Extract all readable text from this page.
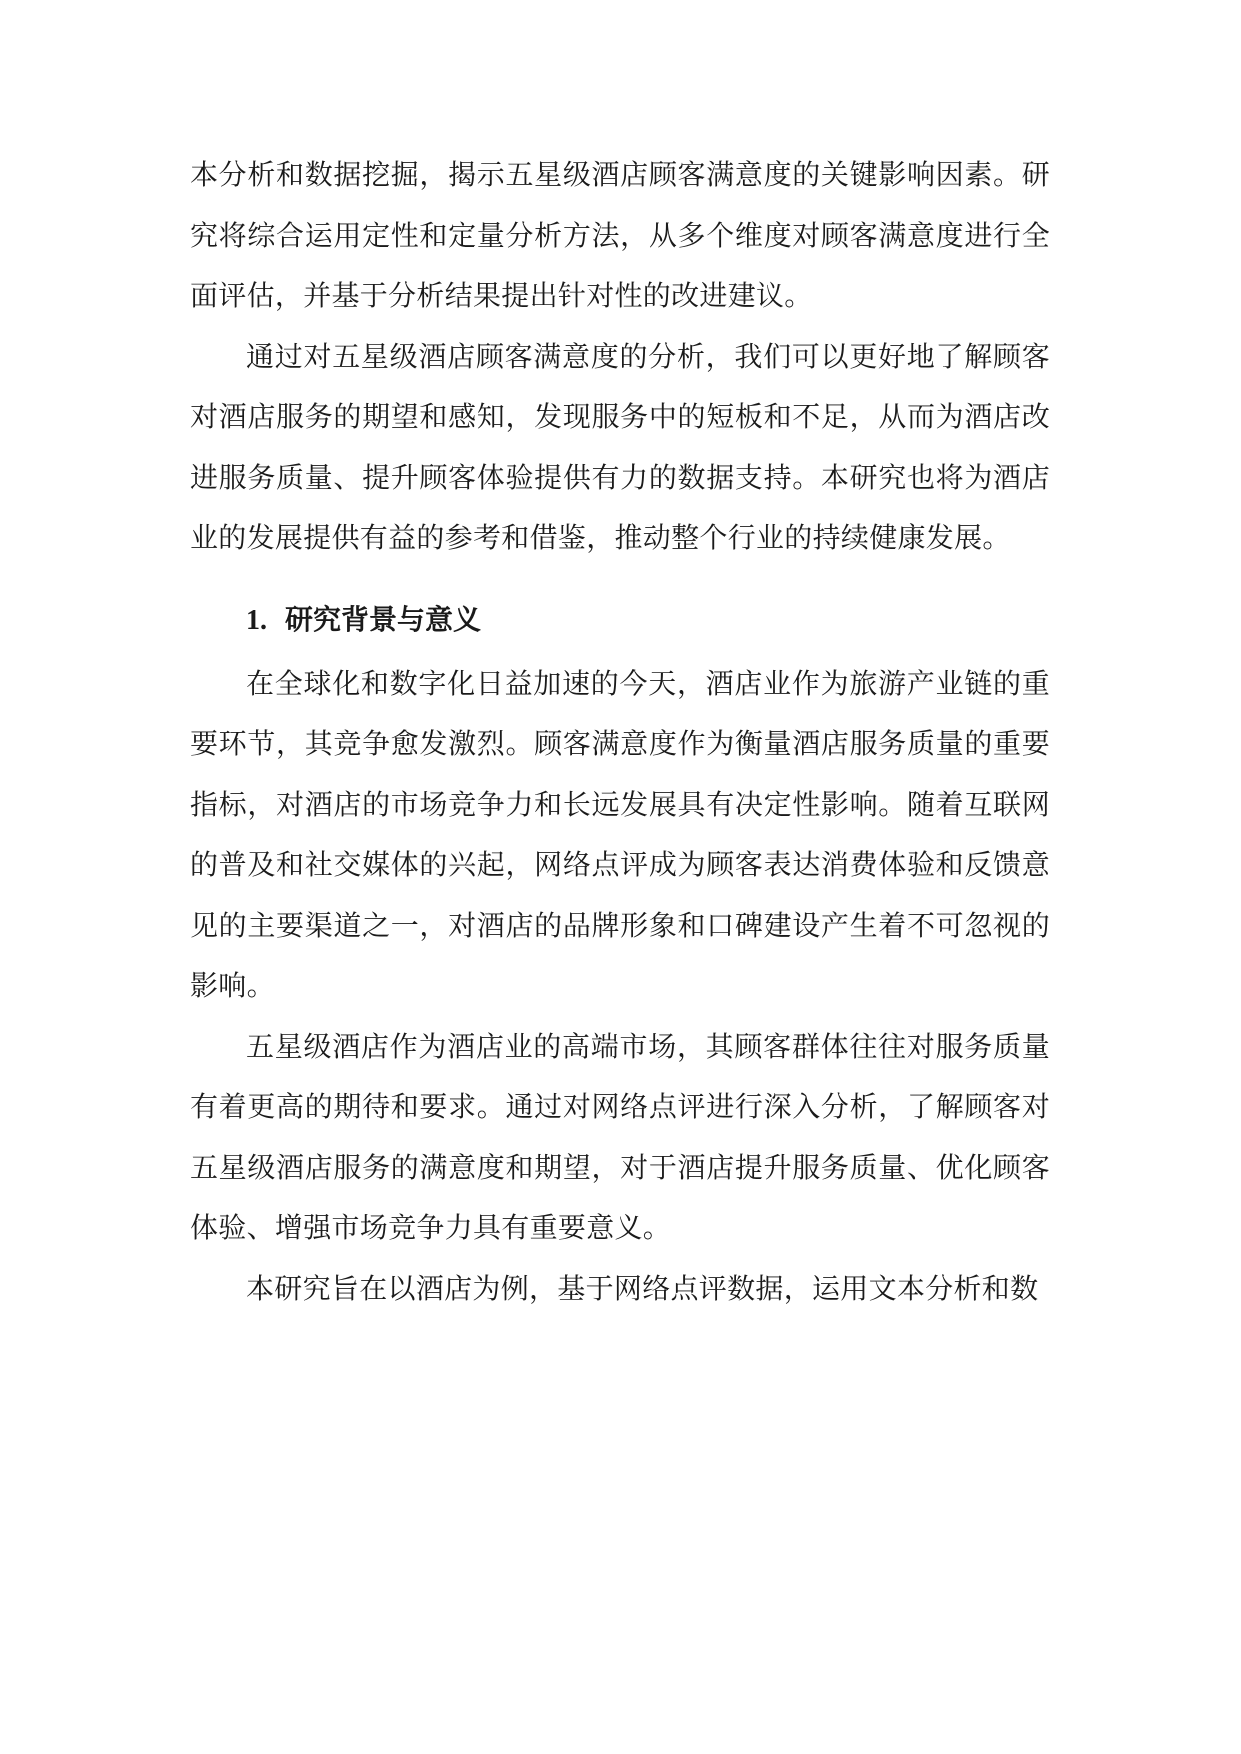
本分析和数据挖掘，揭示五星级酒店顾客满意度的关键影响因素。研究将综合运用定性和定量分析方法，从多个维度对顾客满意度进行全面评估，并基于分析结果提出针对性的改进建议。

通过对五星级酒店顾客满意度的分析，我们可以更好地了解顾客对酒店服务的期望和感知，发现服务中的短板和不足，从而为酒店改进服务质量、提升顾客体验提供有力的数据支持。本研究也将为酒店业的发展提供有益的参考和借鉴，推动整个行业的持续健康发展。

1. 研究背景与意义

在全球化和数字化日益加速的今天，酒店业作为旅游产业链的重要环节，其竞争愈发激烈。顾客满意度作为衡量酒店服务质量的重要指标，对酒店的市场竞争力和长远发展具有决定性影响。随着互联网的普及和社交媒体的兴起，网络点评成为顾客表达消费体验和反馈意见的主要渠道之一，对酒店的品牌形象和口碑建设产生着不可忽视的影响。

五星级酒店作为酒店业的高端市场，其顾客群体往往对服务质量有着更高的期待和要求。通过对网络点评进行深入分析，了解顾客对五星级酒店服务的满意度和期望，对于酒店提升服务质量、优化顾客体验、增强市场竞争力具有重要意义。

本研究旨在以酒店为例，基于网络点评数据，运用文本分析和数
